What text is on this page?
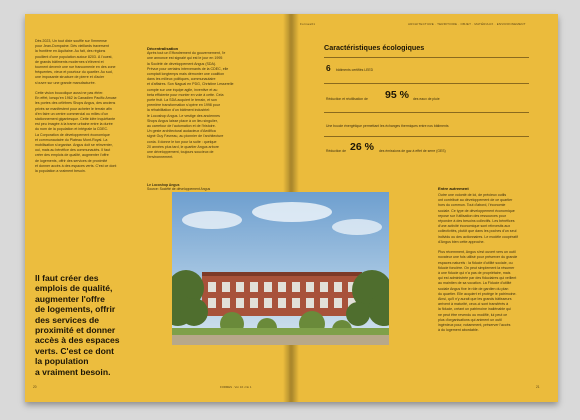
Dès 2023, Un tout dixie souffle sur l'immense
pour Jean-Dompaine. Dès vieillards traversent
la frontière en Aquitaine. Au fait, des régions
pouillent d'une population autour 8203. À l'ouest,
de grands bâtiments modernes s'élèvent et
tournent devenir une rue francomenie en des zone
fréquentes, vieux et pourtour du quartier. Au sud,
une imposante structure de pierre et d'acier
s'ouvre sur une grande manufacturée.

Cette vision boucolique aussi ne pas étrier.
En effet, lorsqu'en 1962 la Canadien Pacific Amuse
les portes des célèbres Shops Angus, des anciens
privés se manifestent pour acheter le terrain afin
d'en faire un centre commercial ou milieu d'un
stationnement gigantesque. Cette idée inquiétante
est peu imagée à la trame urbaine entre la durée
du nom de la population et intégrale la CDEC.
La Corporation de développement économique
et communautaire du Plateau Mont-Royal. La
mobilisation s'organise. Angus doit se réinventer,
oui, mais au bénéfice des communautés. Il faut
créer des emplois de qualité, augmenter l'offre
de logements, offrir des services de proximité
et donner accès à des espaces verts. C'est ce dont
la population a vraiment besoin.
Décentralisation
Après tout un Effondrement du gouvernement, l'e
une annonce est signalé qui est le jour en 1995
la Société de développement Angus (SDA).
Prévue pour certains intervenants de la CDEC, elle
comptait longtemps mais démonter une coalition
dans les milieux politiques, communautaire
et d'affaires. Son Nagual en PDG, Christine Lesserelle
compte sur une équipe agile, inventive et au
beta efficiente pour monter en voie à cette. Cela
porte fruit. La SDA acquiert le terrain, et son
première transformation s'opère en 1998 pour
la réhabilitation d'un bâtiment industriel:
le Locoshop Angus. Le vestige des anciennes
Shops Angus laisse place à un lieu singulier,
au carrefour de l'automation et de l'histoire.
Un geste architectural audacieux d'Aedifica
signé Guy Favreau, au pionnier de l'architecture
conia. Il donne le ton pour la suite : quelque
20 années plus tard, le quartier Angus arbore
une développement, toujours soucieux de
l'environnement.
Il faut créer des
emplois de qualité,
augmenter l'offre
de logements, offrir
des services de
proximité et donner
accès à des espaces
verts. C'est ce dont
la population
a vraiment besoin.
Le Locoshop Angus
Source: Société de développement Angus
20	FORMES · Vol. 16 • No 1
Formes01	ARCHITECTURE · TERRITOIRE · OBJET · MATÉRIAUX · ENVIRONNEMENT
Caractéristiques écologiques
6 bâtiments certifiés LEED
Réduction et réutilisation de 95 % des eaux de pluie
Une boucle énergétique permettant les échanges thermiques entre nos bâtiments
Réduction de 26 % des émissions de gaz à effet de serre (GES)
Entre autrement
Outre une volonté de loi, de précieux outils
ont contribué au développement de ce quartier
hors du commun. Tout d'abord, l'économie
sociale. Ce type de développement économique
repose sur l'utilisation des ressources pour
répondre à des besoins collectifs. Les bénéfices
d'une activité économique sont réinvestis aux
collectivités, plutôt que dans les poches d'un seul
individu ou des actionnaires. Le modèle coopératif
d'Angus bien cette approche.

Plus récemment, Angus s'est ouvert vers un outil
novateur une fois utilisé pour préserver du grande
espaces naturels : la fiducie d'utilité sociale, ou
fiducie foncière. On peut simplement la résumer
à une fiducie qui n'a pas de propriétaire, mais
qui est administrée par des fiduciaires qui veillent
au maintien de sa vocation. La Fiducie d'utilité
sociale Angus fixe le rôle de gardien du plan
du quartier. Elle acquiert et protège le patrimoine.
Ainsi, qu'il n'y aurait que les grands bâtisseurs
arrivent à maturité, ceux-ci sont transférés à
la fiducie, créant un patrimoine inaliénable qui
ne peut être revendu ou modifié, lui peut ce
plus d'organisations qui animent un outil
ingénieux pour, notamment, préserver l'accès
à du logement abordable.
21
